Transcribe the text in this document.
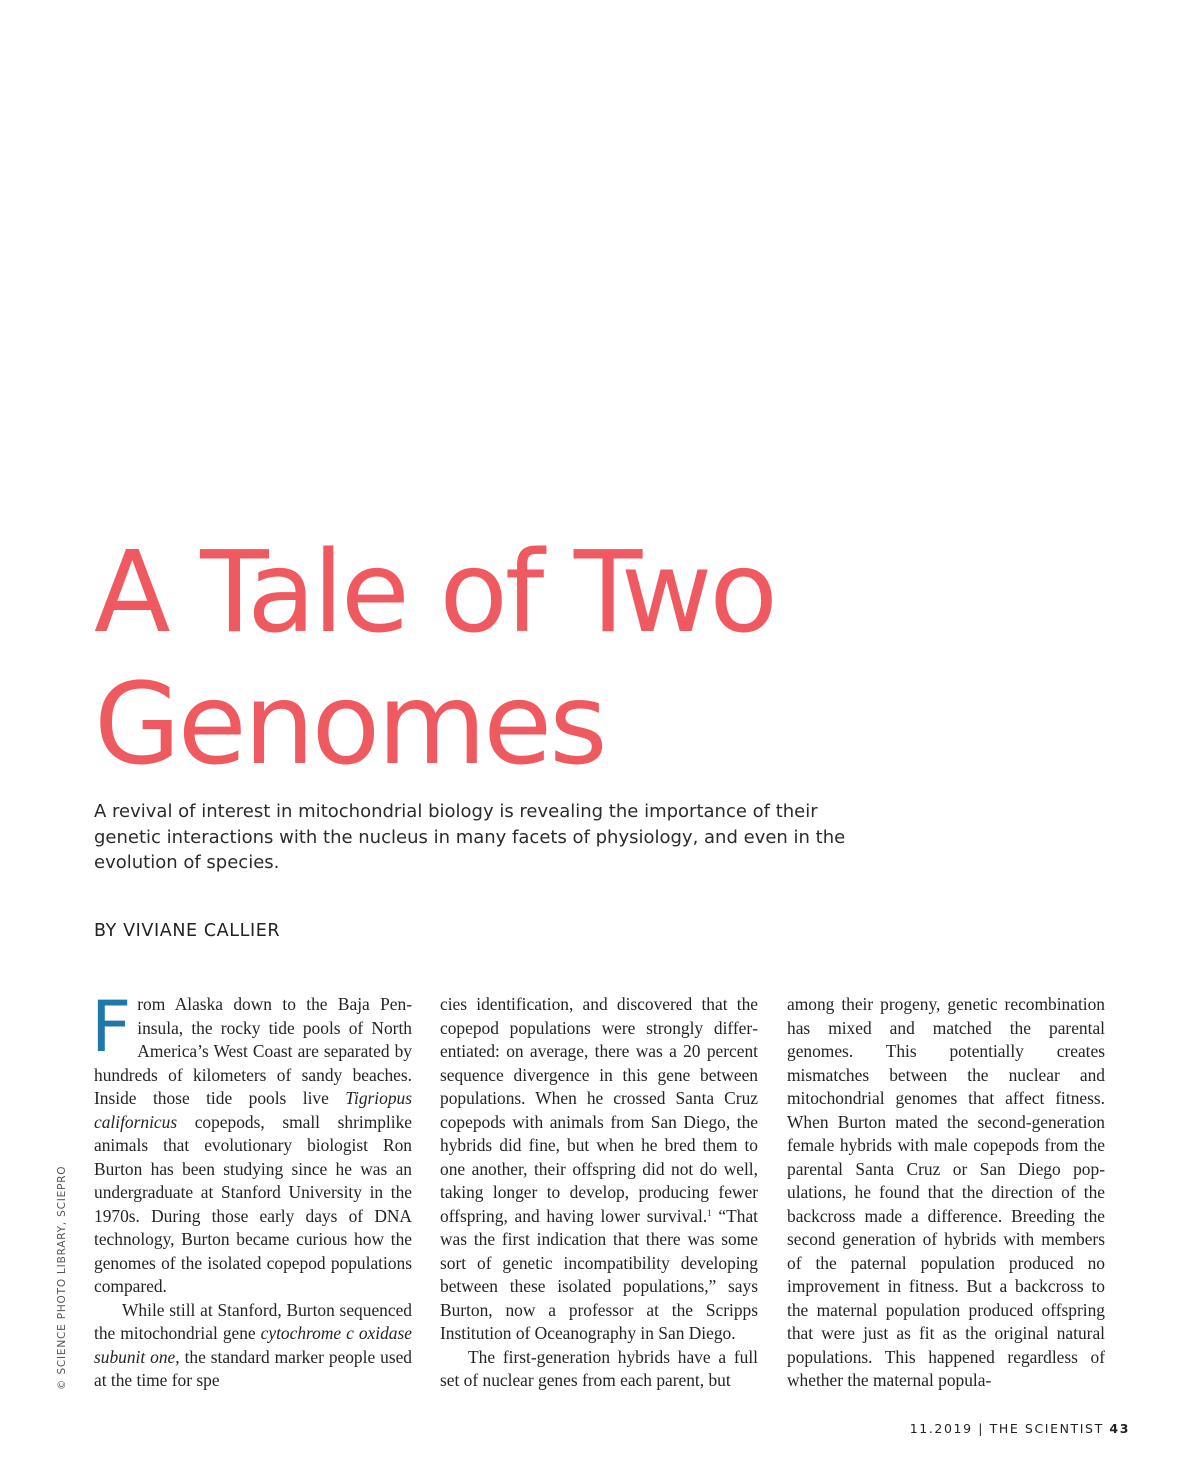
A Tale of Two
Genomes

A revival of interest in mitochondrial biology is revealing the importance of their genetic interactions with the nucleus in many facets of physiology, and even in the evolution of species.

BY VIVIANE CALLIER

From Alaska down to the Baja Peninsula, the rocky tide pools of North America’s West Coast are separated by hundreds of kilometers of sandy beaches. Inside those tide pools live Tigriopus californicus copepods, small shrimplike animals that evolutionary biologist Ron Burton has been studying since he was an undergraduate at Stanford University in the 1970s. During those early days of DNA technology, Burton became curious how the genomes of the isolated copepod populations compared.

While still at Stanford, Burton sequenced the mitochondrial gene cytochrome c oxidase subunit one, the standard marker people used at the time for spe

cies identification, and discovered that the copepod populations were strongly differentiated: on average, there was a 20 percent sequence divergence in this gene between populations. When he crossed Santa Cruz copepods with animals from San Diego, the hybrids did fine, but when he bred them to one another, their offspring did not do well, taking longer to develop, producing fewer offspring, and having lower survival.$^1$ “That was the first indication that there was some sort of genetic incompatibility developing between these isolated populations,” says Burton, now a professor at the Scripps Institution of Oceanography in San Diego.

The first-generation hybrids have a full set of nuclear genes from each parent, but

among their progeny, genetic recombination has mixed and matched the parental genomes. This potentially creates mismatches between the nuclear and mitochondrial genomes that affect fitness. When Burton mated the second-generation female hybrids with male copepods from the parental Santa Cruz or San Diego populations, he found that the direction of the backcross made a difference. Breeding the second generation of hybrids with members of the paternal population produced no improvement in fitness. But a backcross to the maternal population produced offspring that were just as fit as the original natural populations. This happened regardless of whether the maternal popula-

© SCIENCE PHOTO LIBRARY, SCIEPRO
11.2019 | THE SCIENTIST 43
